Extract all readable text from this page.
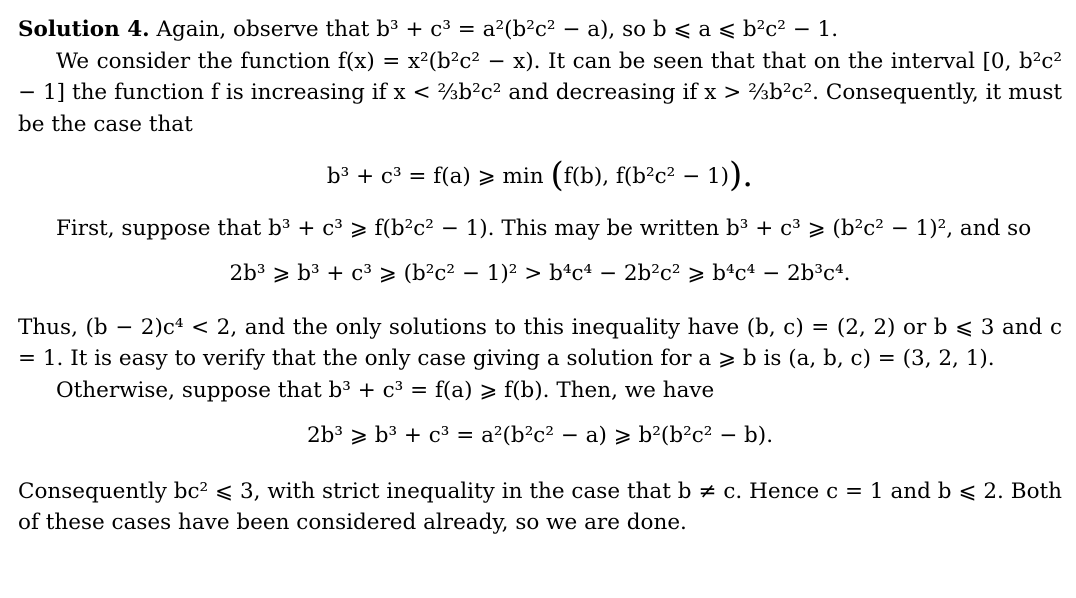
Solution 4. Again, observe that b³ + c³ = a²(b²c² − a), so b ⩽ a ⩽ b²c² − 1.

We consider the function f(x) = x²(b²c² − x). It can be seen that that on the interval [0, b²c² − 1] the function f is increasing if x < ⅔b²c² and decreasing if x > ⅔b²c². Consequently, it must be the case that

b³ + c³ = f(a) ⩾ min (f(b), f(b²c² − 1)).

First, suppose that b³ + c³ ⩾ f(b²c² − 1). This may be written b³ + c³ ⩾ (b²c² − 1)², and so

2b³ ⩾ b³ + c³ ⩾ (b²c² − 1)² > b⁴c⁴ − 2b²c² ⩾ b⁴c⁴ − 2b³c⁴.

Thus, (b − 2)c⁴ < 2, and the only solutions to this inequality have (b, c) = (2, 2) or b ⩽ 3 and c = 1. It is easy to verify that the only case giving a solution for a ⩾ b is (a, b, c) = (3, 2, 1).

Otherwise, suppose that b³ + c³ = f(a) ⩾ f(b). Then, we have

2b³ ⩾ b³ + c³ = a²(b²c² − a) ⩾ b²(b²c² − b).

Consequently bc² ⩽ 3, with strict inequality in the case that b ≠ c. Hence c = 1 and b ⩽ 2. Both of these cases have been considered already, so we are done.
